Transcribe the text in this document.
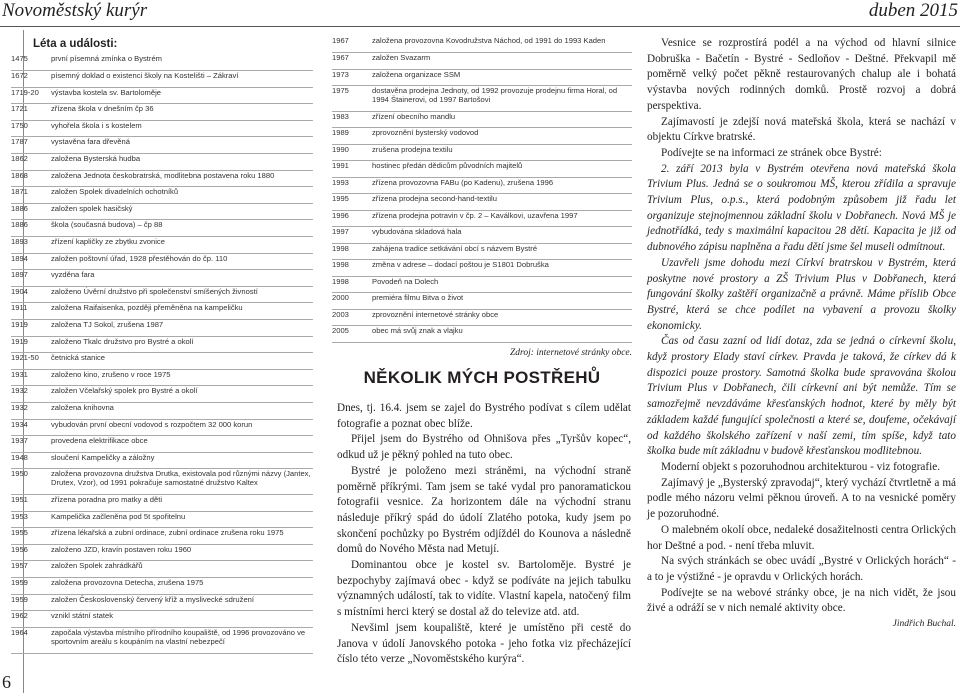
Novoměstský kurýr	duben 2015
6
Léta a události:
1475	první písemná zmínka o Bystrém
1672	písemný doklad o existenci školy na Kostelišti – Zákraví
1719-20	výstavba kostela sv. Bartoloměje
1721	zřízena škola v dnešním čp 36
1750	vyhořela škola i s kostelem
1787	vystavěna fara dřevěná
1862	založena Bysterská hudba
1868	založena Jednota českobratrská, modlitebna postavena roku 1880
1871	založen Spolek divadelních ochotníků
1886	založen spolek hasičský
1886	škola (současná budova) – čp 88
1893	zřízení kapličky ze zbytku zvonice
1894	založen poštovní úřad, 1928 přestěhován do čp. 110
1897	vyzděna fara
1904	založeno Úvěrní družstvo při společenství smíšených živností
1911	založena Raifaisenka, později přeměněna na kampeličku
1919	založena TJ Sokol, zrušena 1987
1919	založeno Tkalc družstvo pro Bystré a okolí
1921-50	četnická stanice
1931	založeno kino, zrušeno v roce 1975
1932	založen Včelařský spolek pro Bystré a okolí
1932	založena knihovna
1934	vybudován první obecní vodovod s rozpočtem 32 000 korun
1937	provedena elektrifikace obce
1948	sloučení Kampeličky a záložny
1950	založena provozovna družstva Drutka, existovala pod různými názvy (Jantex, Drutex, Vzor), od 1991 pokračuje samostatné družstvo Kaltex
1951	zřízena poradna pro matky a děti
1953	Kampelička začleněna pod 5t spořitelnu
1955	zřízena lékařská a zubní ordinace, zubní ordinace zrušena roku 1975
1956	založeno JZD, kravín postaven roku 1960
1957	založen Spolek zahrádkářů
1959	založena provozovna Detecha, zrušena 1975
1959	založen Československý červený kříž a myslivecké sdružení
1962	vznikl státní statek
1964	započala výstavba místního přírodního koupaliště, od 1996 provozováno ve sportovním areálu s koupáním na vlastní nebezpečí
1967	založena provozovna Kovodružstva Náchod, od 1991 do 1993 Kaden
1967	založen Svazarm
1973	založena organizace SSM
1975	dostavěna prodejna Jednoty, od 1992 provozuje prodejnu firma Horal, od 1994 Štainerovi, od 1997 Bartošovi
1983	zřízení obecního mandlu
1989	zprovoznění bysterský vodovod
1990	zrušena prodejna textilu
1991	hostinec předán dědicům původních majitelů
1993	zřízena provozovna FABu (po Kadenu), zrušena 1996
1995	zřízena prodejna second-hand-textilu
1996	zřízena prodejna potravin v čp. 2 – Kaválkovi, uzavřena 1997
1997	vybudována skladová hala
1998	zahájena tradice setkávání obcí s názvem Bystré
1998	změna v adrese – dodací poštou je S1801 Dobruška
1998	Povodeň na Dolech
2000	premiéra filmu Bitva o život
2003	zprovoznění internetové stránky obce
2005	obec má svůj znak a vlajku
Zdroj: internetové stránky obce.
NĚKOLIK MÝCH POSTŘEHŮ

Dnes, tj. 16.4. jsem se zajel do Bystrého podívat s cílem udělat fotografie a poznat obec blíže.

Přijel jsem do Bystrého od Ohnišova přes „Tyršův kopec“, odkud už je pěkný pohled na tuto obec.

Bystré je položeno mezi stráněmi, na východní straně poměrně příkrými. Tam jsem se také vydal pro panoramatickou fotografii vesnice. Za horizontem dále na východní stranu následuje příkrý spád do údolí Zlatého potoka, kudy jsem po skončení pochůzky po Bystrém odjíždél do Kounova a následně domů do Nového Města nad Metují.

Dominantou obce je kostel sv. Bartoloměje. Bystré je bezpochyby zajímavá obec - když se podíváte na jejich tabulku významných událostí, tak to vidíte. Vlastní kapela, natočený film s místními herci který se dostal až do televize atd. atd.

Nevšiml jsem koupaliště, které je umístěno při cestě do Janova v údolí Janovského potoka - jeho fotka viz přecházející číslo této verze „Novoměstského kurýra“.

Vesnice se rozprostírá podél a na východ od hlavní silnice Dobruška - Bačetín - Bystré - Sedloňov - Deštné. Překvapil mě poměrně velký počet pěkně restaurovaných chalup ale i bohatá výstavba nových rodinných domků. Prostě rozvoj a dobrá perspektiva.

Zajímavostí je zdejší nová mateřská škola, která se nachází v objektu Církve bratrské.

Podívejte se na informaci ze stránek obce Bystré:

2. září 2013 byla v Bystrém otevřena nová mateřská škola Trivium Plus. Jedná se o soukromou MŠ, kterou zřídila a spravuje Trivium Plus, o.p.s., která podobným způsobem již řadu let organizuje stejnojmennou základní školu v Dobřanech. Nová MŠ je jednotřídká, tedy s maximální kapacitou 28 dětí. Kapacita je již od dubnového zápisu naplněna a řadu dětí jsme šel museli odmítnout.

Uzavřeli jsme dohodu mezi Církví bratrskou v Bystrém, která poskytne nové prostory a ZŠ Trivium Plus v Dobřanech, která fungování školky zaštěří organizačně a právně. Máme příslib Obce Bystré, která se chce podílet na vybavení a provozu školky ekonomicky.

Čas od času zazní od lidí dotaz, zda se jedná o církevní školu, když prostory Elady staví církev. Pravda je taková, že církev dá k dispozici pouze prostory. Samotná školka bude spravována školou Trivium Plus v Dobřanech, čili církevní ani být nemůže. Tím se samozřejmě nevzdáváme křesťanských hodnot, které by měly být základem každé fungující společnosti a které se, doufeme, očekávají od každého školského zařízení v naší zemi, tím spíše, když tato školka bude mít základnu v budově křesťanskou modlitebnou.

Moderní objekt s pozoruhodnou architekturou - viz fotografie.

Zajímavý je „Bysterský zpravodaj“, který vychází čtvrtletně a má podle mého názoru velmi pěknou úroveň. A to na vesnické poměry je pozoruhodné.

O malebném okolí obce, nedaleké dosažitelnosti centra Orlických hor Deštné a pod. - není třeba mluvit.

Na svých stránkách se obec uvádí „Bystré v Orlických horách“ - a to je výstižné - je opravdu v Orlických horách.

Podívejte se na webové stránky obce, je na nich vidět, že jsou živé a odráží se v nich nemalé aktivity obce.

Jindřich Buchal.
